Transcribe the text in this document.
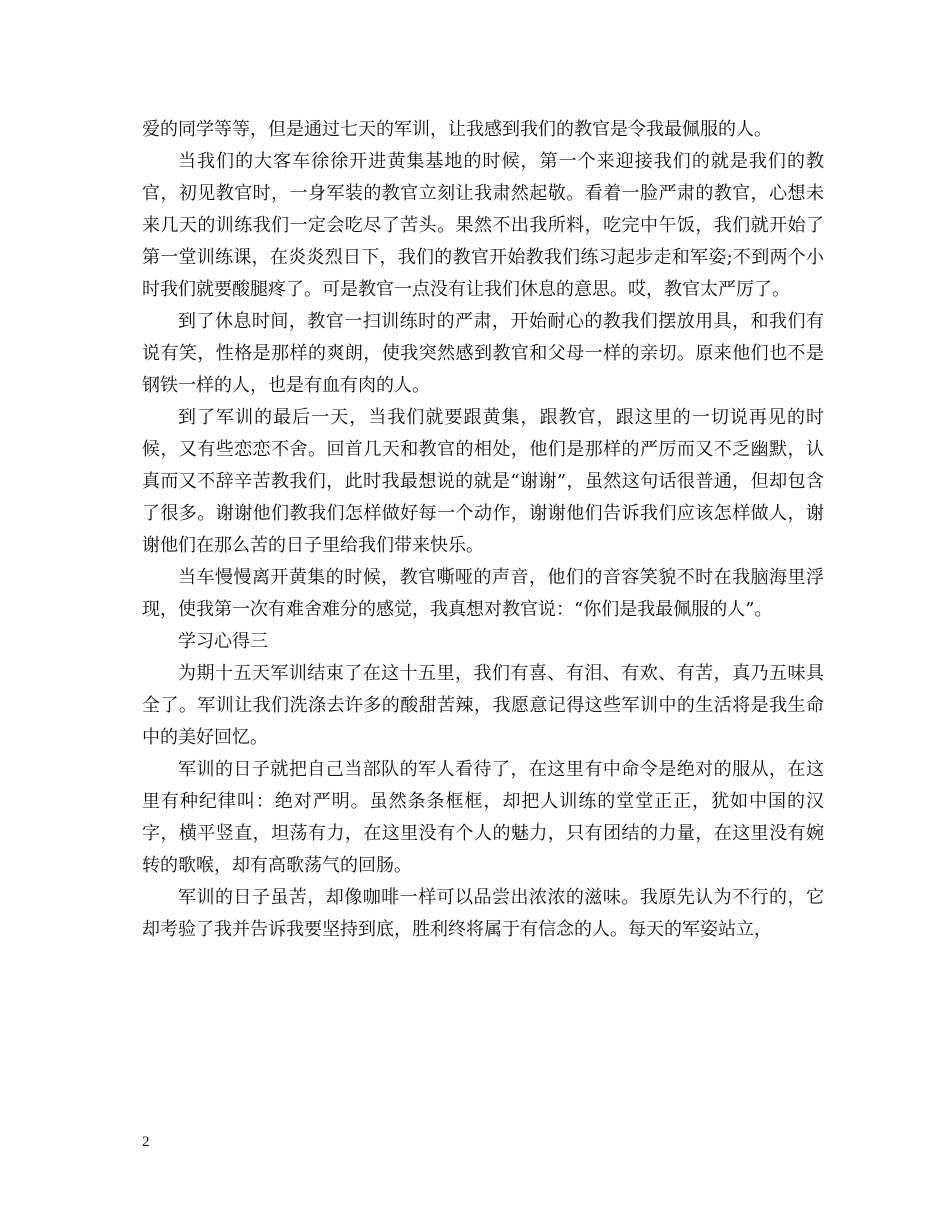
爱的同学等等，但是通过七天的军训，让我感到我们的教官是令我最佩服的人。

当我们的大客车徐徐开进黄集基地的时候，第一个来迎接我们的就是我们的教官，初见教官时，一身军装的教官立刻让我肃然起敬。看着一脸严肃的教官，心想未来几天的训练我们一定会吃尽了苦头。果然不出我所料，吃完中午饭，我们就开始了第一堂训练课，在炎炎烈日下，我们的教官开始教我们练习起步走和军姿;不到两个小时我们就要酸腿疼了。可是教官一点没有让我们休息的意思。哎，教官太严厉了。

到了休息时间，教官一扫训练时的严肃，开始耐心的教我们摆放用具，和我们有说有笑，性格是那样的爽朗，使我突然感到教官和父母一样的亲切。原来他们也不是钢铁一样的人，也是有血有肉的人。

到了军训的最后一天，当我们就要跟黄集，跟教官，跟这里的一切说再见的时候，又有些恋恋不舍。回首几天和教官的相处，他们是那样的严厉而又不乏幽默，认真而又不辞辛苦教我们，此时我最想说的就是“谢谢”，虽然这句话很普通，但却包含了很多。谢谢他们教我们怎样做好每一个动作，谢谢他们告诉我们应该怎样做人，谢谢他们在那么苦的日子里给我们带来快乐。

当车慢慢离开黄集的时候，教官嘶哑的声音，他们的音容笑貌不时在我脑海里浮现，使我第一次有难舍难分的感觉，我真想对教官说：“你们是我最佩服的人”。

学习心得三

为期十五天军训结束了在这十五里，我们有喜、有泪、有欢、有苦，真乃五味具全了。军训让我们洗涤去许多的酸甜苦辣，我愿意记得这些军训中的生活将是我生命中的美好回忆。

军训的日子就把自己当部队的军人看待了，在这里有中命令是绝对的服从，在这里有种纪律叫：绝对严明。虽然条条框框，却把人训练的堂堂正正，犹如中国的汉字，横平竖直，坦荡有力，在这里没有个人的魅力，只有团结的力量，在这里没有婉转的歌喉，却有高歌荡气的回肠。

军训的日子虽苦，却像咖啡一样可以品尝出浓浓的滋味。我原先认为不行的，它却考验了我并告诉我要坚持到底，胜利终将属于有信念的人。每天的军姿站立，

2
